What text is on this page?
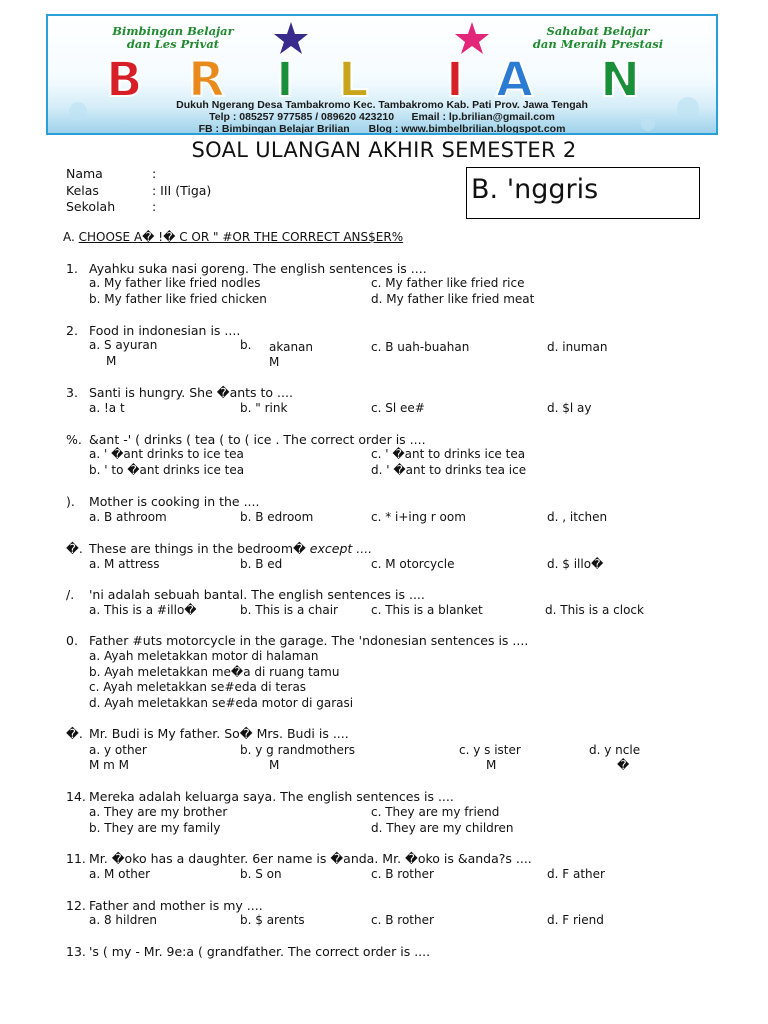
B R I L I A N
Bimbingan Belajar
dan Les Privat
Sahabat Belajar
dan Meraih Prestasi
Dukuh Ngerang Desa Tambakromo Kec. Tambakromo Kab. Pati Prov. Jawa Tengah
Telp : 085257 977585 / 089620 423210 Email : lp.brilian@gmail.com
FB : Bimbingan Belajar Brilian Blog : www.bimbelbrilian.blogspot.com
SOAL ULANGAN AKHIR SEMESTER 2
Nama	:
Kelas	: III (Tiga)
Sekolah	:
B. 'nggris
A. CHOOSE A� !� C OR " #OR THE CORRECT ANS$ER%
1. Ayahku suka nasi goreng. The english sentences is ....
a. My father like fried nodles	c. My father like fried rice
b. My father like fried chicken	d. My father like fried meat
2. Food in indonesian is ....
a. S ayuran	b. akanan	c. B uah-buahan	d. inuman
M	M
3. Santi is hungry. She �ants to ....
a. !a t	b. " rink	c. Sl ee#	d. $l ay
%. &ant -' ( drinks ( tea ( to ( ice . The correct order is ....
a. ' �ant drinks to ice tea	c. ' �ant to drinks ice tea
b. ' to �ant drinks ice tea	d. ' �ant to drinks tea ice
). Mother is cooking in the ....
a. B athroom	b. B edroom	c. * i+ing r oom	d. , itchen
�. These are things in the bedroom� except ....
a. M attress	b. B ed	c. M otorcycle	d. $ illo�
/. 'ni adalah sebuah bantal. The english sentences is ....
a. This is a #illo�	b. This is a chair	c. This is a blanket	d. This is a clock
0. Father #uts motorcycle in the garage. The 'ndonesian sentences is ....
a. Ayah meletakkan motor di halaman
b. Ayah meletakkan me�a di ruang tamu
c. Ayah meletakkan se#eda di teras
d. Ayah meletakkan se#eda motor di garasi
�. Mr. Budi is My father. So� Mrs. Budi is ....
a. y other	b. y g randmothers	c. y s ister	d. y ncle
M m M	M	M	�
14. Mereka adalah keluarga saya. The english sentences is ....
a. They are my brother	c. They are my friend
b. They are my family	d. They are my children
11. Mr. �oko has a daughter. 6er name is �anda. Mr. �oko is &anda?s ....
a. M other	b. S on	c. B rother	d. F ather
12. Father and mother is my ....
a. 8 hildren	b. $ arents	c. B rother	d. F riend
13. 's ( my - Mr. 9e:a ( grandfather. The correct order is ....
